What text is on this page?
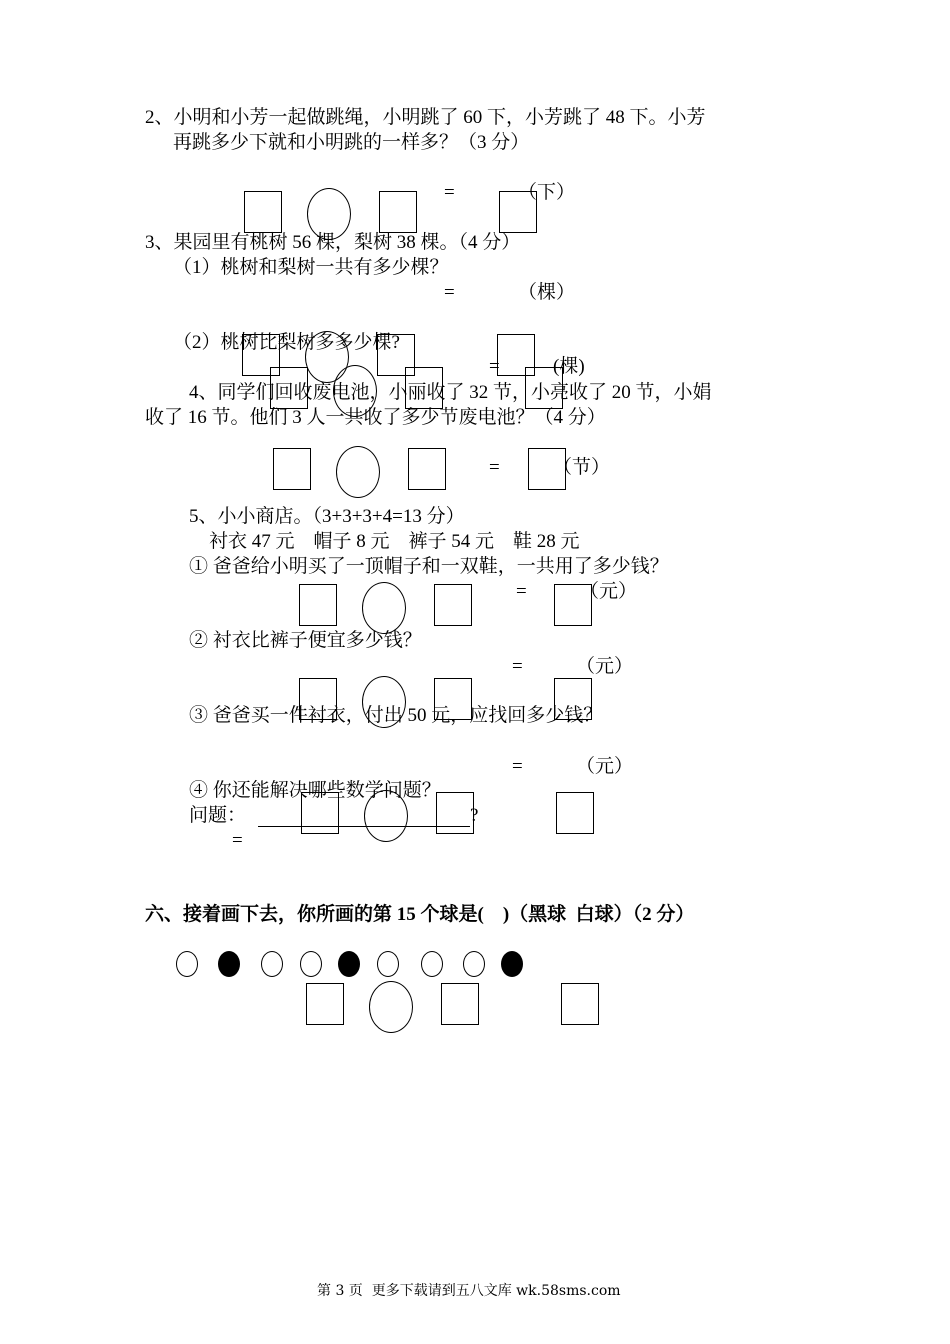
2、小明和小芳一起做跳绳，小明跳了 60 下，小芳跳了 48 下。小芳
再跳多少下就和小明跳的一样多？（3 分）
=	（下）
3、果园里有桃树 56 棵，梨树 38 棵。（4 分）
（1）桃树和梨树一共有多少棵？
=	（棵）
（2）桃树比梨树多多少棵?
=	(棵)
4、同学们回收废电池，小丽收了 32 节，小亮收了 20 节，小娟
收了 16 节。他们 3 人一共收了多少节废电池？（4 分）
=	（节）
5、小小商店。（3+3+3+4=13 分）
衬衣 47 元    帽子 8 元    裤子 54 元    鞋 28 元
① 爸爸给小明买了一顶帽子和一双鞋，一共用了多少钱？
=	（元）
② 衬衣比裤子便宜多少钱？
=	（元）
③ 爸爸买一件衬衣，付出 50 元，应找回多少钱？
=	（元）
④ 你还能解决哪些数学问题？
问题：	?
=
六、接着画下去，你所画的第 15 个球是(    )（黑球  白球）（2 分）
第 3 页  更多下载请到五八文库 wk.58sms.com
